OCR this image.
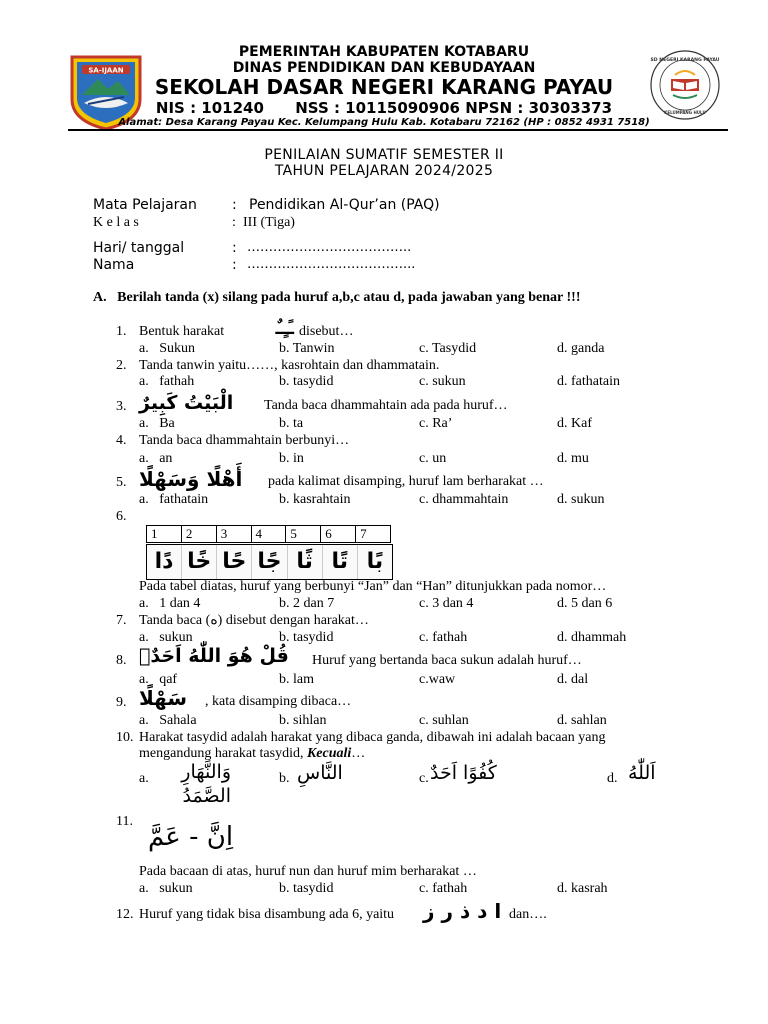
SA-IJAAN
PEMERINTAH KABUPATEN KOTABARU
DINAS PENDIDIKAN DAN KEBUDAYAAN
SEKOLAH DASAR NEGERI KARANG PAYAU
NIS : 101240      NSS : 10115090906 NPSN : 30303373
Alamat: Desa Karang Payau Kec. Kelumpang Hulu Kab. Kotabaru 72162 (HP : 0852 4931 7518)
SD NEGERI KARANG PAYAU
KELUMPANG HULU
PENILAIAN SUMATIF SEMESTER II
TAHUN PELAJARAN 2024/2025
Mata Pelajaran	: Pendidikan Al-Qur’an (PAQ)
K e l a s	: III (Tiga)
Hari/ tanggal	: ………………………………..
Nama	: ………………………………...
A.   Berilah tanda (x) silang pada huruf a,b,c atau d, pada jawaban yang benar !!!
1. Bentuk harakat	ـًـٍـٌ disebut…
a.   Sukun	b. Tanwin	c. Tasydid	d. ganda
2. Tanda tanwin yaitu……, kasrohtain dan dhammatain.
a.   fathah	b. tasydid	c. sukun	d. fathatain
3. الْبَيْتُ كَبِيرٌ Tanda baca dhammahtain ada pada huruf…
a.   Ba	b. ta	c. Ra’	d. Kaf
4. Tanda baca dhammahtain berbunyi…
a.   an	b. in	c. un	d. mu
5. أَهْلًا وَسَهْلًا pada kalimat disamping, huruf lam berharakat …
a.   fathatain	b. kasrahtain	c. dhammahtain	d. sukun
6.
1	2	3	4	5	6	7
دًا خًا حًا جًا ثًا تًا بًا
Pada tabel diatas, huruf yang berbunyi “Jan” dan “Han” ditunjukkan pada nomor…
a.   1 dan 4	b. 2 dan 7	c. 3 dan 4	d. 5 dan 6
7. Tanda baca (ﻩ) disebut dengan harakat…
a.   sukun	b. tasydid	c. fathah	d. dhammah
8. قُلْ هُوَ اللّٰهُ اَحَدٌۚ Huruf yang bertanda baca sukun adalah huruf…
a.   qaf	b. lam	c.waw	d. dal
9. سَهْلًا , kata disamping dibaca…
a.   Sahala	b. sihlan	c. suhlan	d. sahlan
10. Harakat tasydid adalah harakat yang dibaca ganda, dibawah ini adalah bacaan yang
mengandung harakat tasydid, Kecuali…
a.	وَالنَّهَارِ الصَّمَدُ
b. النَّاسِ	c. كُفُوًا اَحَدٌ	d. اَللّٰهُ
11.
اِنَّ - عَمَّ
Pada bacaan di atas, huruf nun dan huruf mim berharakat …
a.   sukun	b. tasydid	c. fathah	d. kasrah
12. Huruf yang tidak bisa disambung ada 6, yaitu ا د ذ ر ز dan….
